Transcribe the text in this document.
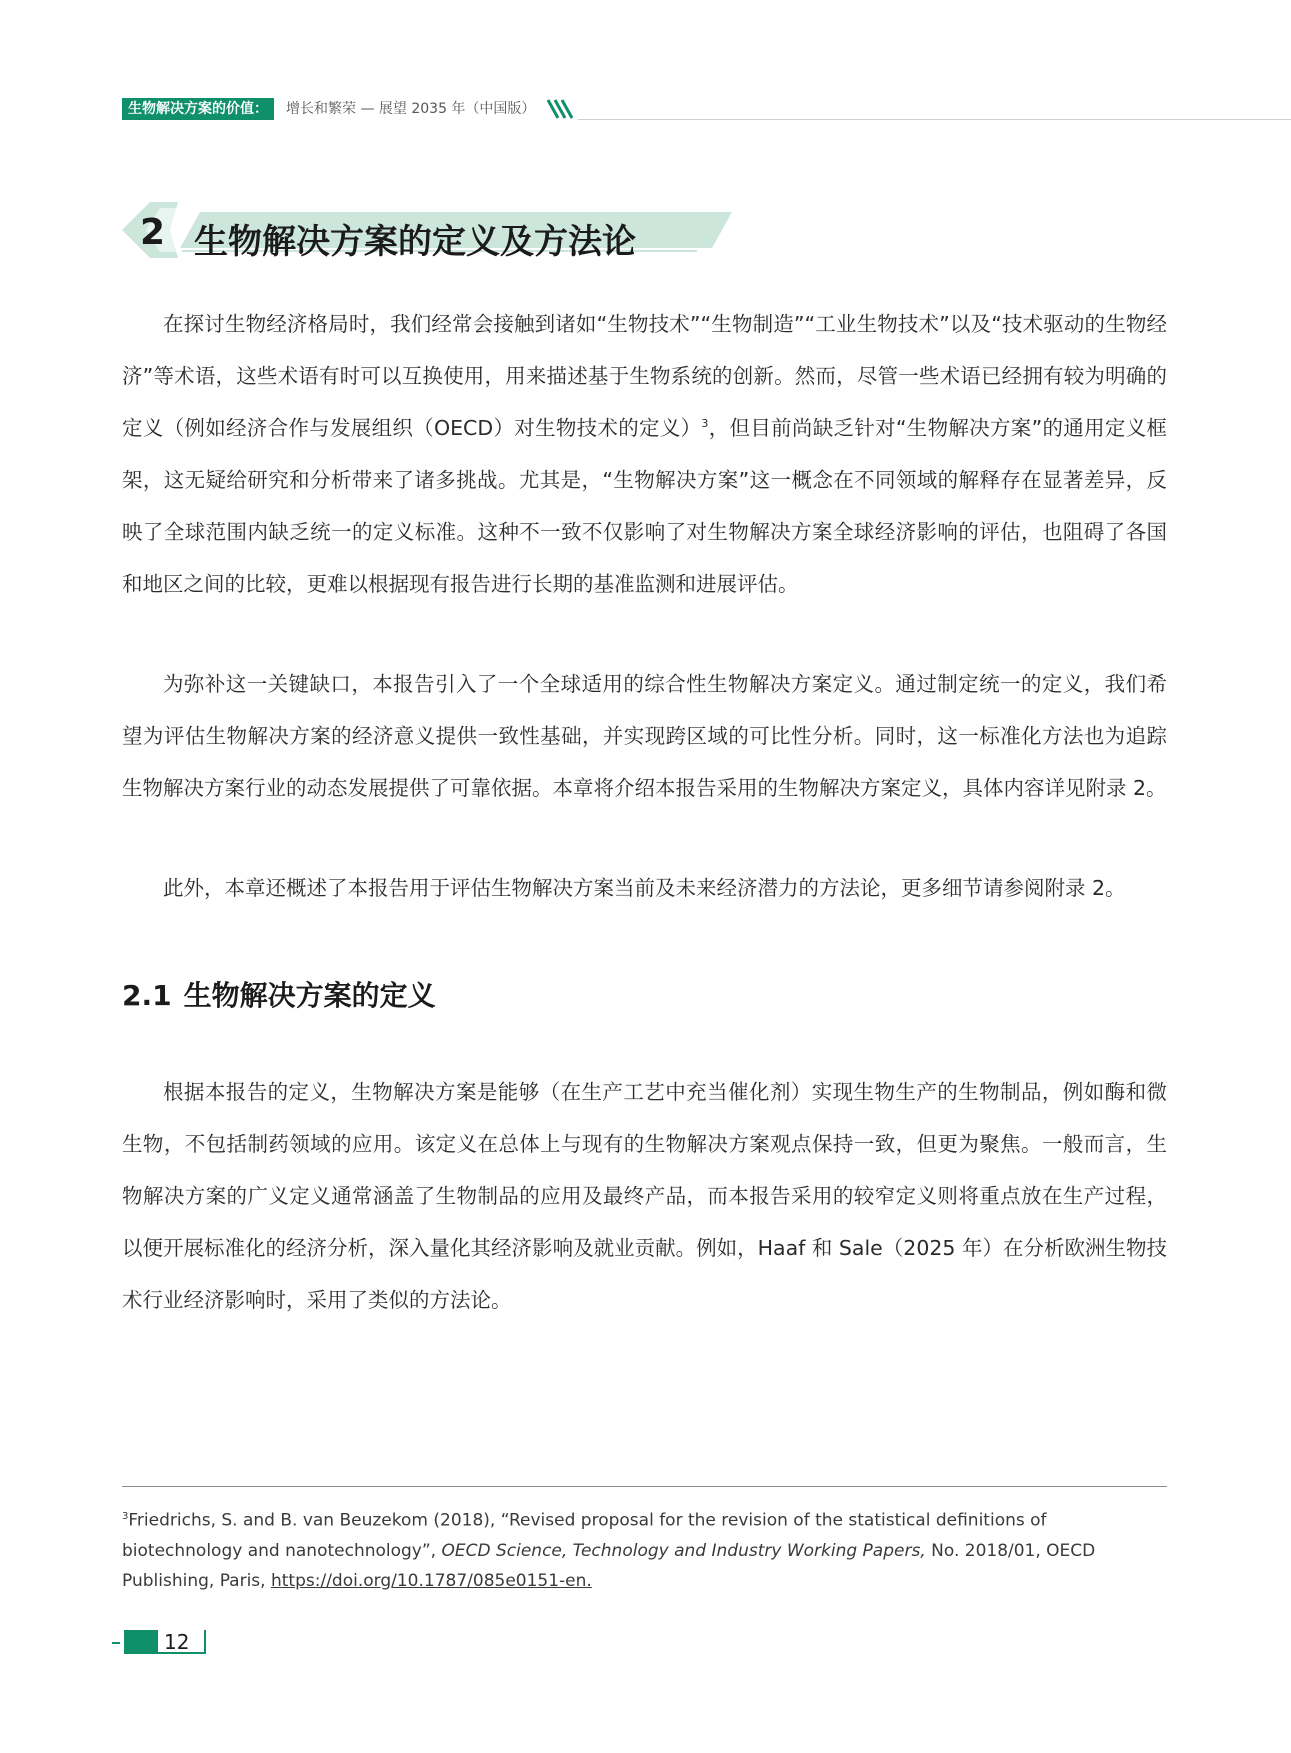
生物解决方案的价值：	增长和繁荣 — 展望 2035 年（中国版）
2 生物解决方案的定义及方法论

在探讨生物经济格局时，我们经常会接触到诸如“生物技术”“生物制造”“工业生物技术”以及“技术驱动的生物经济”等术语，这些术语有时可以互换使用，用来描述基于生物系统的创新。然而，尽管一些术语已经拥有较为明确的定义（例如经济合作与发展组织（OECD）对生物技术的定义）$^3$，但目前尚缺乏针对“生物解决方案”的通用定义框架，这无疑给研究和分析带来了诸多挑战。尤其是，“生物解决方案”这一概念在不同领域的解释存在显著差异，反映了全球范围内缺乏统一的定义标准。这种不一致不仅影响了对生物解决方案全球经济影响的评估，也阻碍了各国和地区之间的比较，更难以根据现有报告进行长期的基准监测和进展评估。

为弥补这一关键缺口，本报告引入了一个全球适用的综合性生物解决方案定义。通过制定统一的定义，我们希望为评估生物解决方案的经济意义提供一致性基础，并实现跨区域的可比性分析。同时，这一标准化方法也为追踪生物解决方案行业的动态发展提供了可靠依据。本章将介绍本报告采用的生物解决方案定义，具体内容详见附录 2。

此外，本章还概述了本报告用于评估生物解决方案当前及未来经济潜力的方法论，更多细节请参阅附录 2。

2.1 生物解决方案的定义

根据本报告的定义，生物解决方案是能够（在生产工艺中充当催化剂）实现生物生产的生物制品，例如酶和微生物，不包括制药领域的应用。该定义在总体上与现有的生物解决方案观点保持一致，但更为聚焦。一般而言，生物解决方案的广义定义通常涵盖了生物制品的应用及最终产品，而本报告采用的较窄定义则将重点放在生产过程，以便开展标准化的经济分析，深入量化其经济影响及就业贡献。例如，Haaf 和 Sale（2025 年）在分析欧洲生物技术行业经济影响时，采用了类似的方法论。

$^3$Friedrichs, S. and B. van Beuzekom (2018), “Revised proposal for the revision of the statistical definitions of biotechnology and nanotechnology”, OECD Science, Technology and Industry Working Papers, No. 2018/01, OECD Publishing, Paris, https://doi.org/10.1787/085e0151-en.

12
